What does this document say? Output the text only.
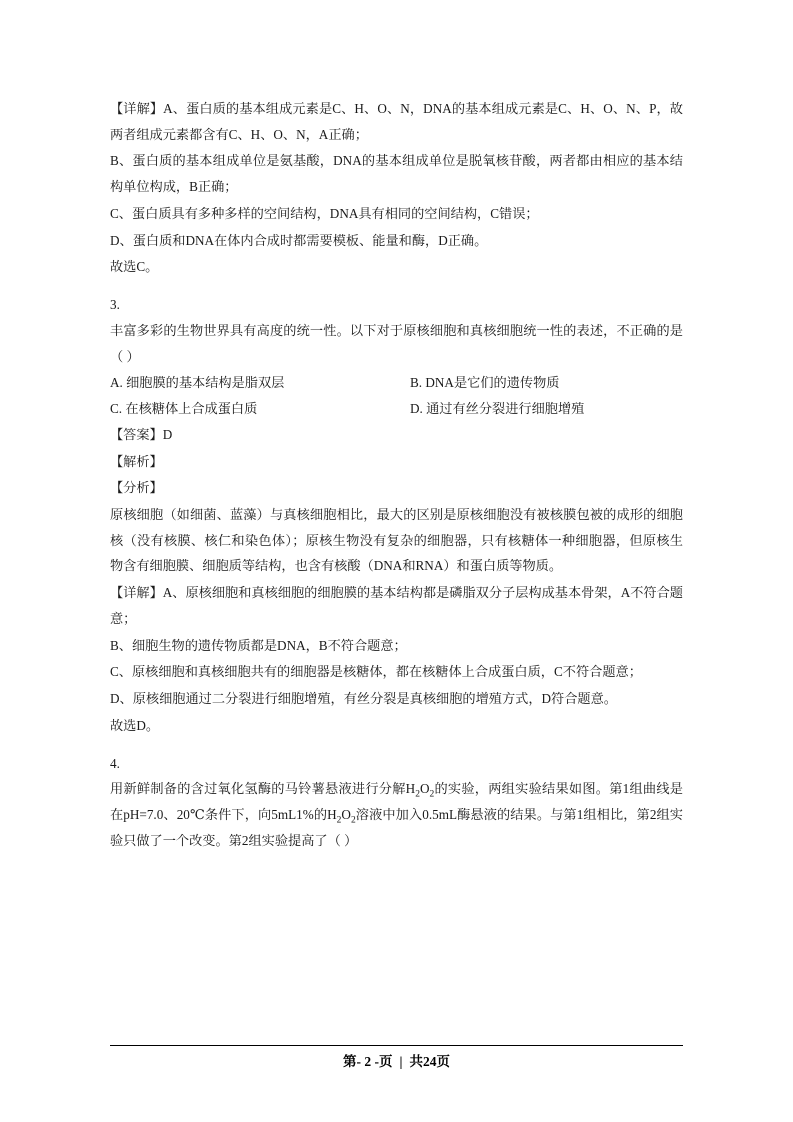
【详解】A、蛋白质的基本组成元素是C、H、O、N，DNA的基本组成元素是C、H、O、N、P，故两者组成元素都含有C、H、O、N，A正确；

B、蛋白质的基本组成单位是氨基酸，DNA的基本组成单位是脱氧核苷酸，两者都由相应的基本结构单位构成，B正确；

C、蛋白质具有多种多样的空间结构，DNA具有相同的空间结构，C错误；

D、蛋白质和DNA在体内合成时都需要模板、能量和酶，D正确。

故选C。

3.

丰富多彩的生物世界具有高度的统一性。以下对于原核细胞和真核细胞统一性的表述，不正确的是（ ）

A. 细胞膜的基本结构是脂双层	B. DNA是它们的遗传物质
C. 在核糖体上合成蛋白质	D. 通过有丝分裂进行细胞增殖

【答案】D

【解析】

【分析】

原核细胞（如细菌、蓝藻）与真核细胞相比，最大的区别是原核细胞没有被核膜包被的成形的细胞核（没有核膜、核仁和染色体）；原核生物没有复杂的细胞器，只有核糖体一种细胞器，但原核生物含有细胞膜、细胞质等结构，也含有核酸（DNA和RNA）和蛋白质等物质。

【详解】A、原核细胞和真核细胞的细胞膜的基本结构都是磷脂双分子层构成基本骨架，A不符合题意；

B、细胞生物的遗传物质都是DNA，B不符合题意；

C、原核细胞和真核细胞共有的细胞器是核糖体，都在核糖体上合成蛋白质，C不符合题意；

D、原核细胞通过二分裂进行细胞增殖，有丝分裂是真核细胞的增殖方式，D符合题意。

故选D。

4.

用新鲜制备的含过氧化氢酶的马铃薯悬液进行分解$H_2O_2$的实验，两组实验结果如图。第1组曲线是在pH=7.0、20℃条件下，向5mL1%的$H_2O_2$溶液中加入0.5mL酶悬液的结果。与第1组相比，第2组实验只做了一个改变。第2组实验提高了（ ）

第- 2 -页 | 共24页
